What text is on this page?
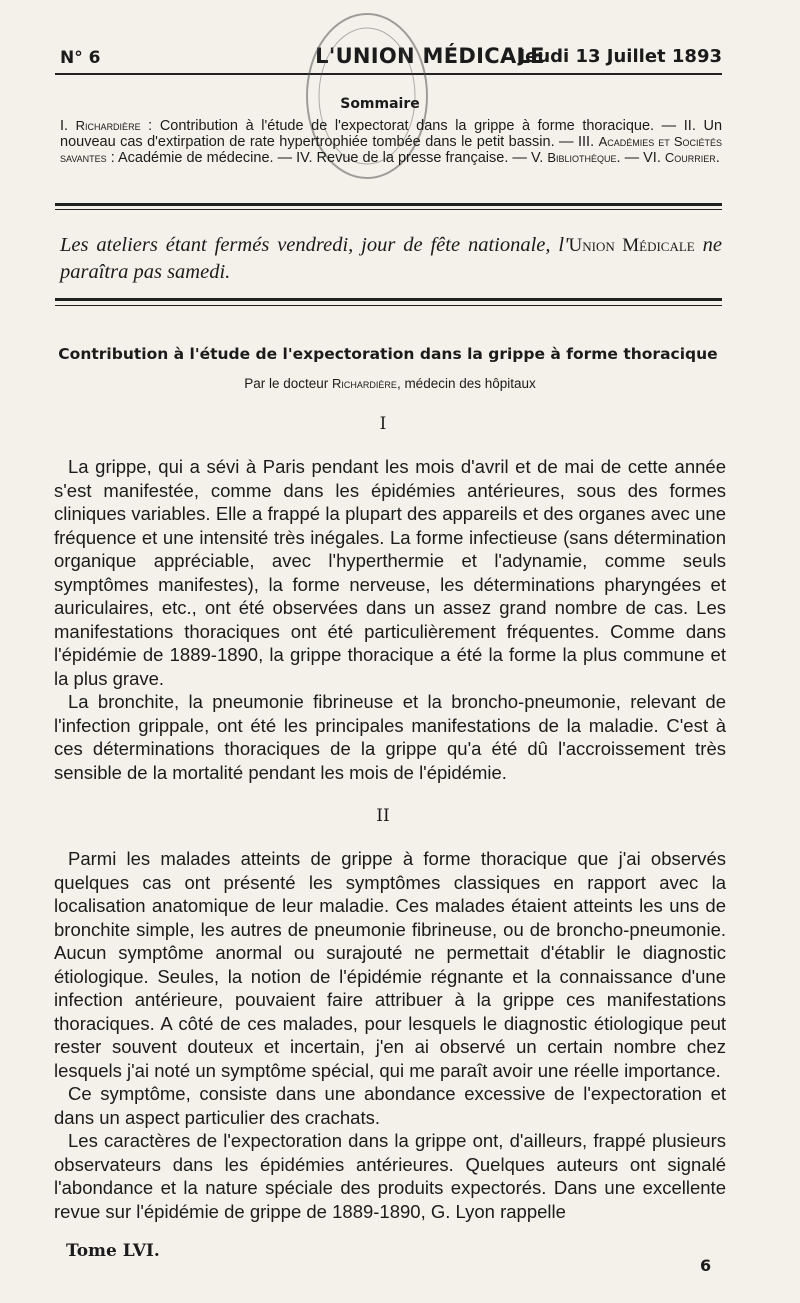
N° 6	L'UNION MÉDICALE
Jeudi 13 Juillet 1893
Sommaire
I. Richardière : Contribution à l'étude de l'expectorat dans la grippe à forme thoracique. — II. Un nouveau cas d'extirpation de rate hypertrophiée tombée dans le petit bassin. — III. Académies et Sociétés savantes : Académie de médecine. — IV. Revue de la presse française. — V. Bibliothèque. — VI. Courrier.
Les ateliers étant fermés vendredi, jour de fête nationale, l'Union Médicale ne paraîtra pas samedi.
Contribution à l'étude de l'expectoration dans la grippe à forme thoracique
Par le docteur Richardière, médecin des hôpitaux
I

La grippe, qui a sévi à Paris pendant les mois d'avril et de mai de cette année s'est manifestée, comme dans les épidémies antérieures, sous des formes cliniques variables. Elle a frappé la plupart des appareils et des organes avec une fréquence et une intensité très inégales. La forme infectieuse (sans détermination organique appréciable, avec l'hyperthermie et l'adynamie, comme seuls symptômes manifestes), la forme nerveuse, les déterminations pharyngées et auriculaires, etc., ont été observées dans un assez grand nombre de cas. Les manifestations thoraciques ont été particulièrement fréquentes. Comme dans l'épidémie de 1889-1890, la grippe thoracique a été la forme la plus commune et la plus grave.

La bronchite, la pneumonie fibrineuse et la broncho-pneumonie, relevant de l'infection grippale, ont été les principales manifestations de la maladie. C'est à ces déterminations thoraciques de la grippe qu'a été dû l'accroissement très sensible de la mortalité pendant les mois de l'épidémie.

II

Parmi les malades atteints de grippe à forme thoracique que j'ai observés quelques cas ont présenté les symptômes classiques en rapport avec la localisation anatomique de leur maladie. Ces malades étaient atteints les uns de bronchite simple, les autres de pneumonie fibrineuse, ou de broncho-pneumonie. Aucun symptôme anormal ou surajouté ne permettait d'établir le diagnostic étiologique. Seules, la notion de l'épidémie régnante et la connaissance d'une infection antérieure, pouvaient faire attribuer à la grippe ces manifestations thoraciques. A côté de ces malades, pour lesquels le diagnostic étiologique peut rester souvent douteux et incertain, j'en ai observé un certain nombre chez lesquels j'ai noté un symptôme spécial, qui me paraît avoir une réelle importance.

Ce symptôme, consiste dans une abondance excessive de l'expectoration et dans un aspect particulier des crachats.

Les caractères de l'expectoration dans la grippe ont, d'ailleurs, frappé plusieurs observateurs dans les épidémies antérieures. Quelques auteurs ont signalé l'abondance et la nature spéciale des produits expectorés. Dans une excellente revue sur l'épidémie de grippe de 1889-1890, G. Lyon rappelle

Tome LVI.
6
